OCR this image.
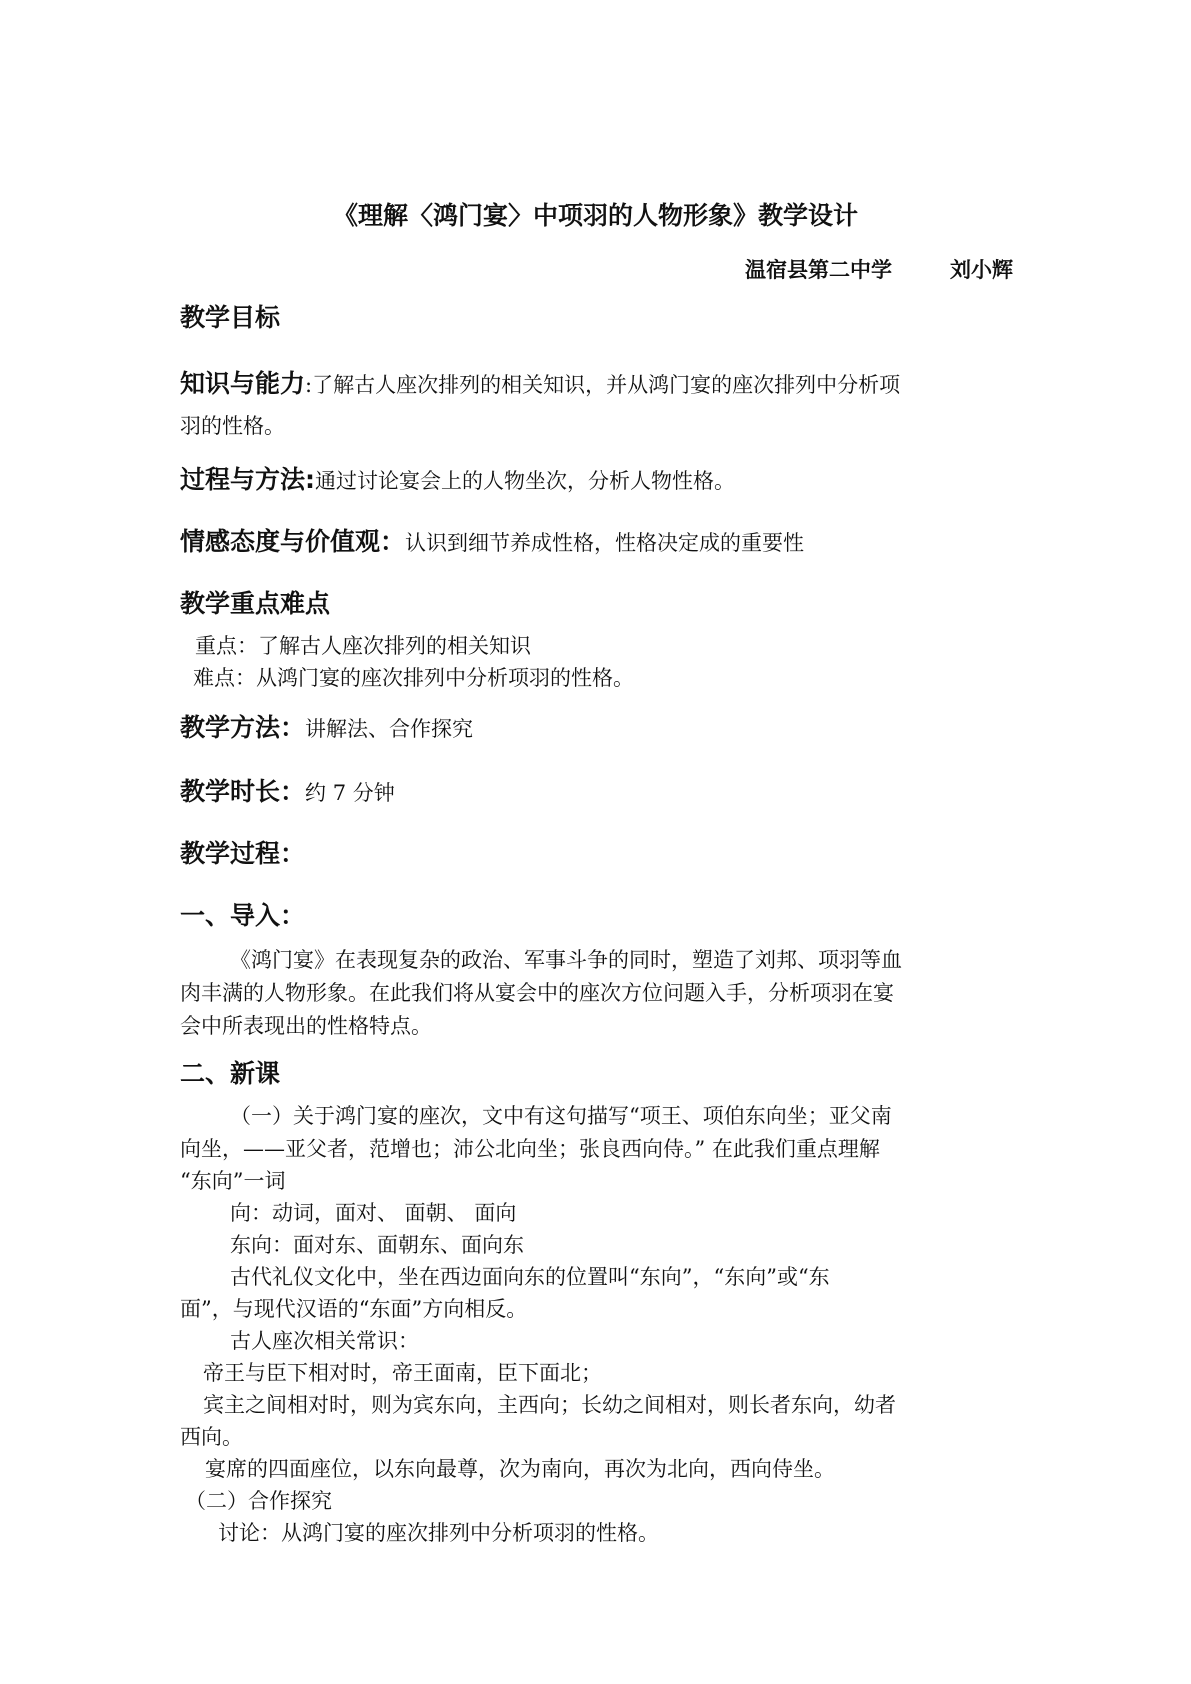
《理解〈鸿门宴〉中项羽的人物形象》教学设计
温宿县第二中学	刘小辉
教学目标
知识与能力:了解古人座次排列的相关知识，并从鸿门宴的座次排列中分析项
羽的性格。
过程与方法:通过讨论宴会上的人物坐次，分析人物性格。
情感态度与价值观：认识到细节养成性格，性格决定成的重要性
教学重点难点
重点：了解古人座次排列的相关知识
难点：从鸿门宴的座次排列中分析项羽的性格。
教学方法：讲解法、合作探究
教学时长：约 7 分钟
教学过程：
一、导入：
《鸿门宴》在表现复杂的政治、军事斗争的同时，塑造了刘邦、项羽等血
肉丰满的人物形象。在此我们将从宴会中的座次方位问题入手，分析项羽在宴
会中所表现出的性格特点。
二、新课
（一）关于鸿门宴的座次，文中有这句描写“项王、项伯东向坐；亚父南
向坐，——亚父者，范增也；沛公北向坐；张良西向侍。” 在此我们重点理解
“东向”一词
向：动词，面对、 面朝、 面向
东向：面对东、面朝东、面向东
古代礼仪文化中，坐在西边面向东的位置叫“东向”，“东向”或“东
面”，与现代汉语的“东面”方向相反。
古人座次相关常识：
帝王与臣下相对时，帝王面南，臣下面北；
宾主之间相对时，则为宾东向，主西向；长幼之间相对，则长者东向，幼者
西向。
宴席的四面座位，以东向最尊，次为南向，再次为北向，西向侍坐。
（二）合作探究
讨论：从鸿门宴的座次排列中分析项羽的性格。
